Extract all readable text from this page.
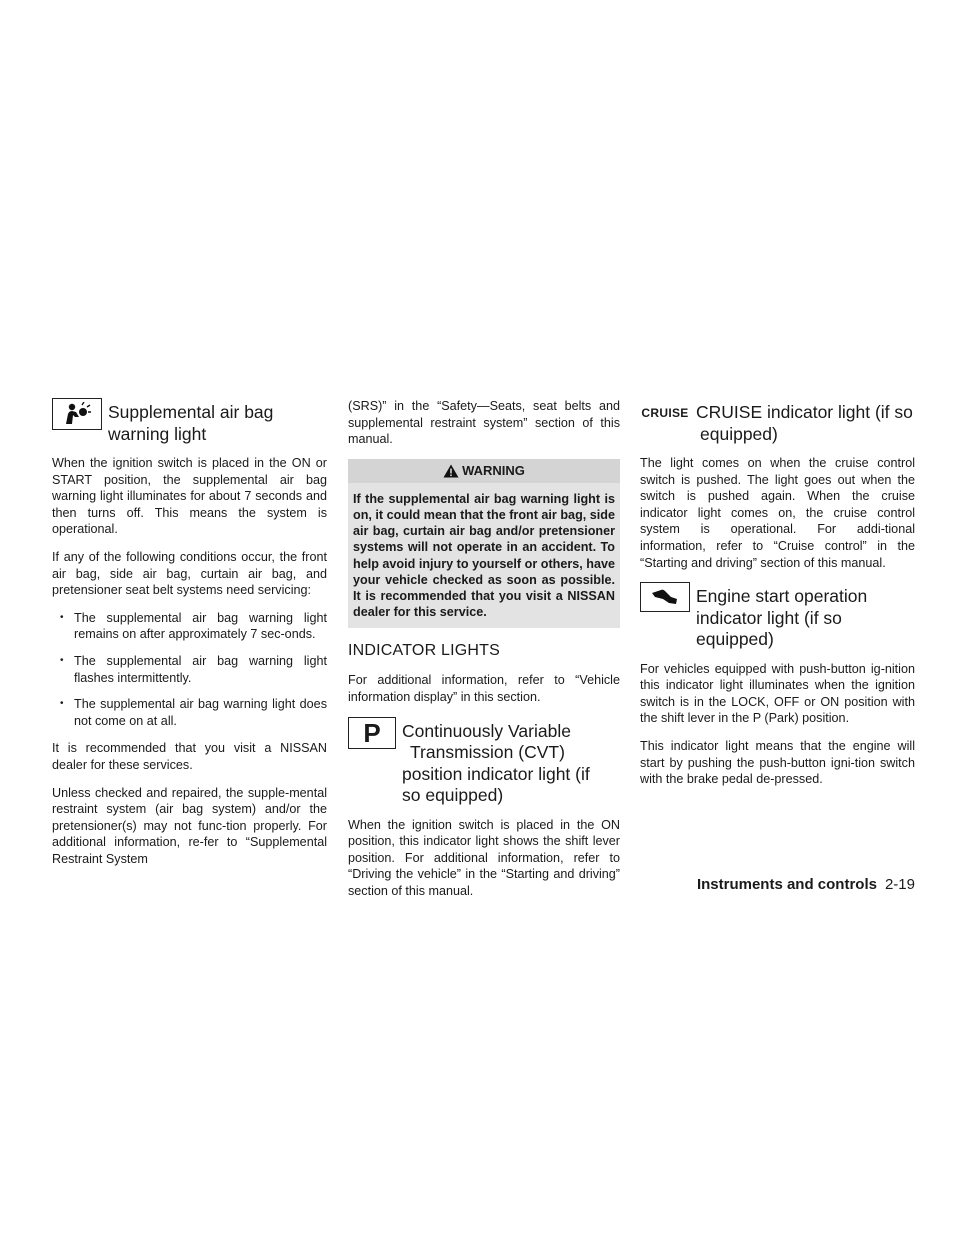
Supplemental air bag
warning light

When the ignition switch is placed in the ON or START position, the supplemental air bag warning light illuminates for about 7 seconds and then turns off. This means the system is operational.

If any of the following conditions occur, the front air bag, side air bag, curtain air bag, and pretensioner seat belt systems need servicing:

• The supplemental air bag warning light remains on after approximately 7 sec-onds.
• The supplemental air bag warning light flashes intermittently.
• The supplemental air bag warning light does not come on at all.

It is recommended that you visit a NISSAN dealer for these services.

Unless checked and repaired, the supple-mental restraint system (air bag system) and/or the pretensioner(s) may not func-tion properly. For additional information, re-fer to “Supplemental Restraint System

(SRS)” in the “Safety—Seats, seat belts and supplemental restraint system” section of this manual.

WARNING
If the supplemental air bag warning light is on, it could mean that the front air bag, side air bag, curtain air bag and/or pretensioner systems will not operate in an accident. To help avoid injury to yourself or others, have your vehicle checked as soon as possible. It is recommended that you visit a NISSAN dealer for this service.
INDICATOR LIGHTS

For additional information, refer to “Vehicle information display” in this section.

P Continuously Variable
Transmission (CVT)
position indicator light (if
so equipped)

When the ignition switch is placed in the ON position, this indicator light shows the shift lever position. For additional information, refer to “Driving the vehicle” in the “Starting and driving” section of this manual.

CRUISE CRUISE indicator light (if so
equipped)

The light comes on when the cruise control switch is pushed. The light goes out when the switch is pushed again. When the cruise indicator light comes on, the cruise control system is operational. For addi-tional information, refer to “Cruise control” in the “Starting and driving” section of this manual.

Engine start operation
indicator light (if so
equipped)

For vehicles equipped with push-button ig-nition this indicator light illuminates when the ignition switch is in the LOCK, OFF or ON position with the shift lever in the P (Park) position.

This indicator light means that the engine will start by pushing the push-button igni-tion switch with the brake pedal de-pressed.

Instruments and controls 2-19
